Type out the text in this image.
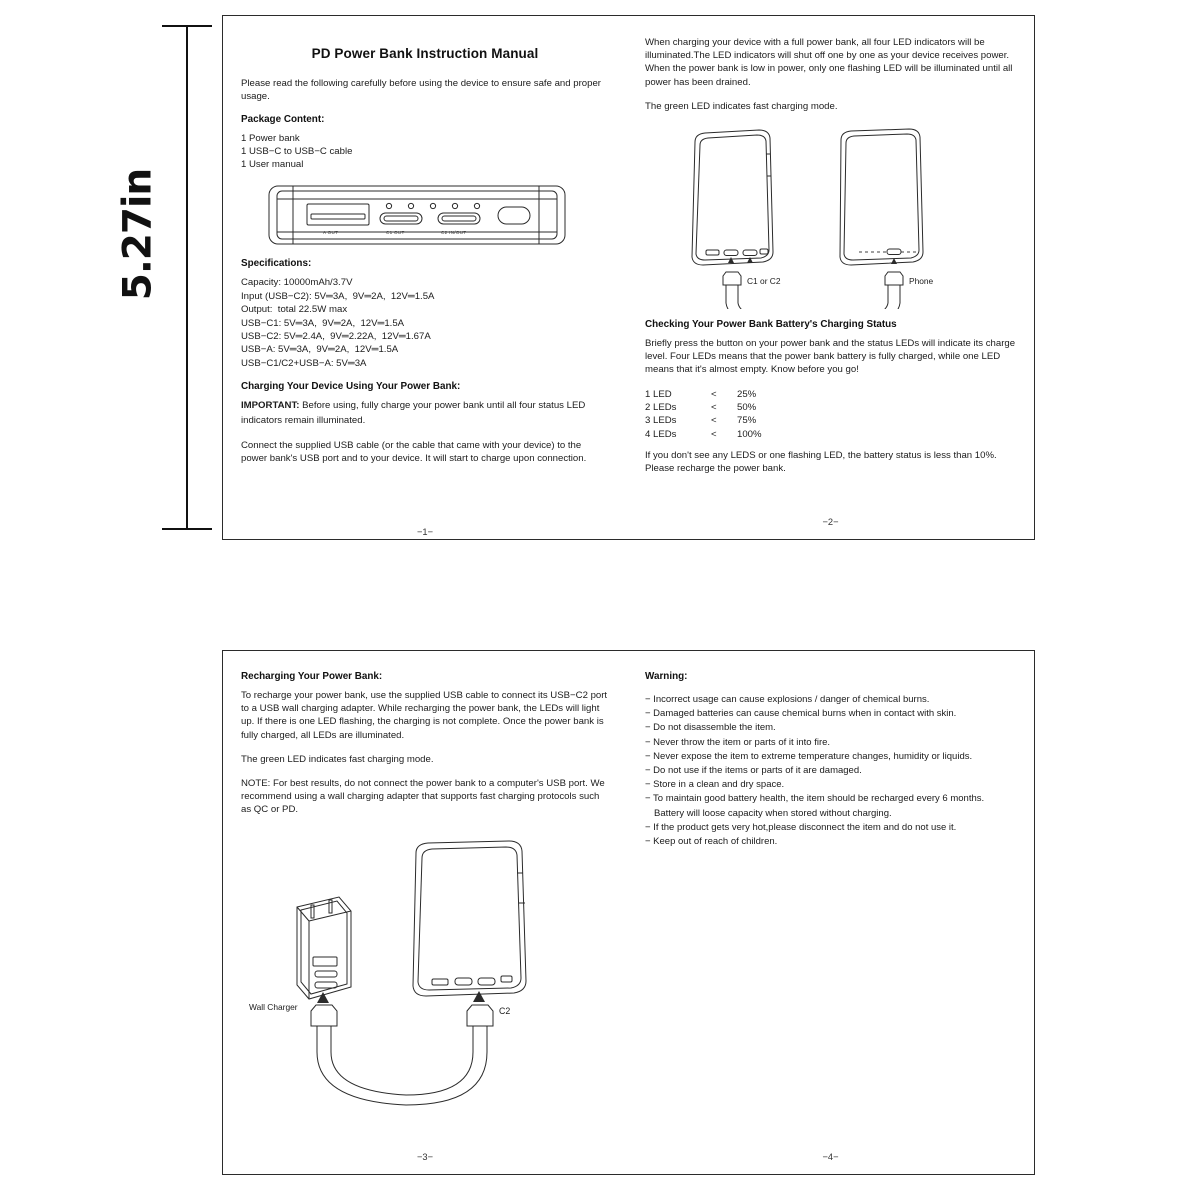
5.27in
PD Power Bank Instruction Manual

Please read the following carefully before using the device to ensure safe and proper usage.

Package Content:
1 Power bank
1 USB−C to USB−C cable
1 User manual
A OUT	C1 OUT	C2 IN/OUT
Specifications:
Capacity: 10000mAh/3.7V
Input (USB−C2): 5V═3A,  9V═2A,  12V═1.5A
Output:  total 22.5W max
USB−C1: 5V═3A,  9V═2A,  12V═1.5A
USB−C2: 5V═2.4A,  9V═2.22A,  12V═1.67A
USB−A: 5V═3A,  9V═2A,  12V═1.5A
USB−C1/C2+USB−A: 5V═3A
Charging Your Device Using Your Power Bank:

IMPORTANT: Before using, fully charge your power bank until all four status LED indicators remain illuminated.

Connect the supplied USB cable (or the cable that came with your device) to the power bank's USB port and to your device. It will start to charge upon connection.

−1−

When charging your device with a full power bank, all four LED indicators will be illuminated.The LED indicators will shut off one by one as your device receives power. When the power bank is low in power, only one flashing LED will be illuminated until all power has been drained.

The green LED indicates fast charging mode.

C1 or C2	Phone
Checking Your Power Bank Battery's Charging Status

Briefly press the button on your power bank and the status LEDs will indicate its charge level. Four LEDs means that the power bank battery is fully charged, while one LED means that it's almost empty. Know before you go!

1 LED	<	25%
2 LEDs	<	50%
3 LEDs	<	75%
4 LEDs	<	100%

If you don't see any LEDS or one flashing LED, the battery status is less than 10%. Please recharge the power bank.

−2−
Recharging Your Power Bank:

To recharge your power bank, use the supplied USB cable to connect its USB−C2 port to a USB wall charging adapter. While recharging the power bank, the LEDs will light up. If there is one LED flashing, the charging is not complete. Once the power bank is fully charged, all LEDs are illuminated.

The green LED indicates fast charging mode.

NOTE: For best results, do not connect the power bank to a computer's USB port. We recommend using a wall charging adapter that supports fast charging protocols such as QC or PD.

Wall Charger	C2
−3−
Warning:
− Incorrect usage can cause explosions / danger of chemical burns.
− Damaged batteries can cause chemical burns when in contact with skin.
− Do not disassemble the item.
− Never throw the item or parts of it into fire.
− Never expose the item to extreme temperature changes, humidity or liquids.
− Do not use if the items or parts of it are damaged.
− Store in a clean and dry space.
− To maintain good battery health, the item should be recharged every 6 months.
Battery will loose capacity when stored without charging.
− If the product gets very hot,please disconnect the item and do not use it.
− Keep out of reach of children.
−4−
